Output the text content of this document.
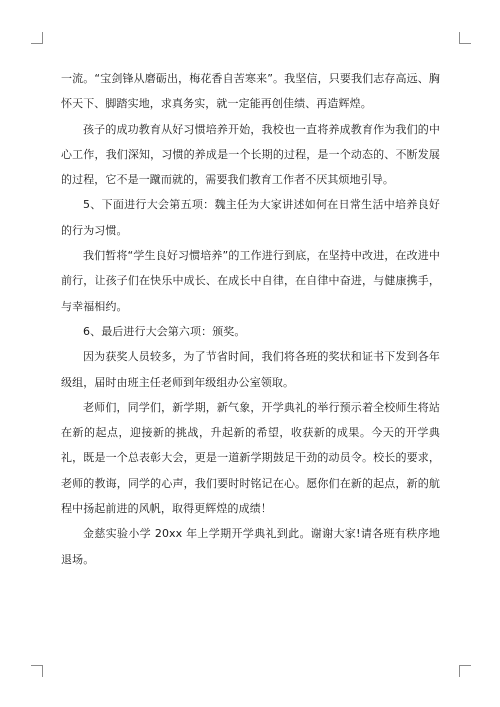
一流。“宝剑锋从磨砺出，梅花香自苦寒来”。我坚信，只要我们志存高远、胸怀天下、脚踏实地，求真务实，就一定能再创佳绩、再造辉煌。

孩子的成功教育从好习惯培养开始，我校也一直将养成教育作为我们的中心工作，我们深知，习惯的养成是一个长期的过程，是一个动态的、不断发展的过程，它不是一蹴而就的，需要我们教育工作者不厌其烦地引导。

5、下面进行大会第五项：魏主任为大家讲述如何在日常生活中培养良好的行为习惯。

我们暂将“学生良好习惯培养”的工作进行到底，在坚持中改进，在改进中前行，让孩子们在快乐中成长、在成长中自律，在自律中奋进，与健康携手，与幸福相约。

6、最后进行大会第六项：颁奖。

因为获奖人员较多，为了节省时间，我们将各班的奖状和证书下发到各年级组，届时由班主任老师到年级组办公室领取。

老师们，同学们，新学期，新气象，开学典礼的举行预示着全校师生将站在新的起点，迎接新的挑战，升起新的希望，收获新的成果。今天的开学典礼，既是一个总表彰大会，更是一道新学期鼓足干劲的动员令。校长的要求，老师的教诲，同学的心声，我们要时时铭记在心。愿你们在新的起点，新的航程中扬起前进的风帆，取得更辉煌的成绩！

金慈实验小学 20xx 年上学期开学典礼到此。谢谢大家!请各班有秩序地退场。
